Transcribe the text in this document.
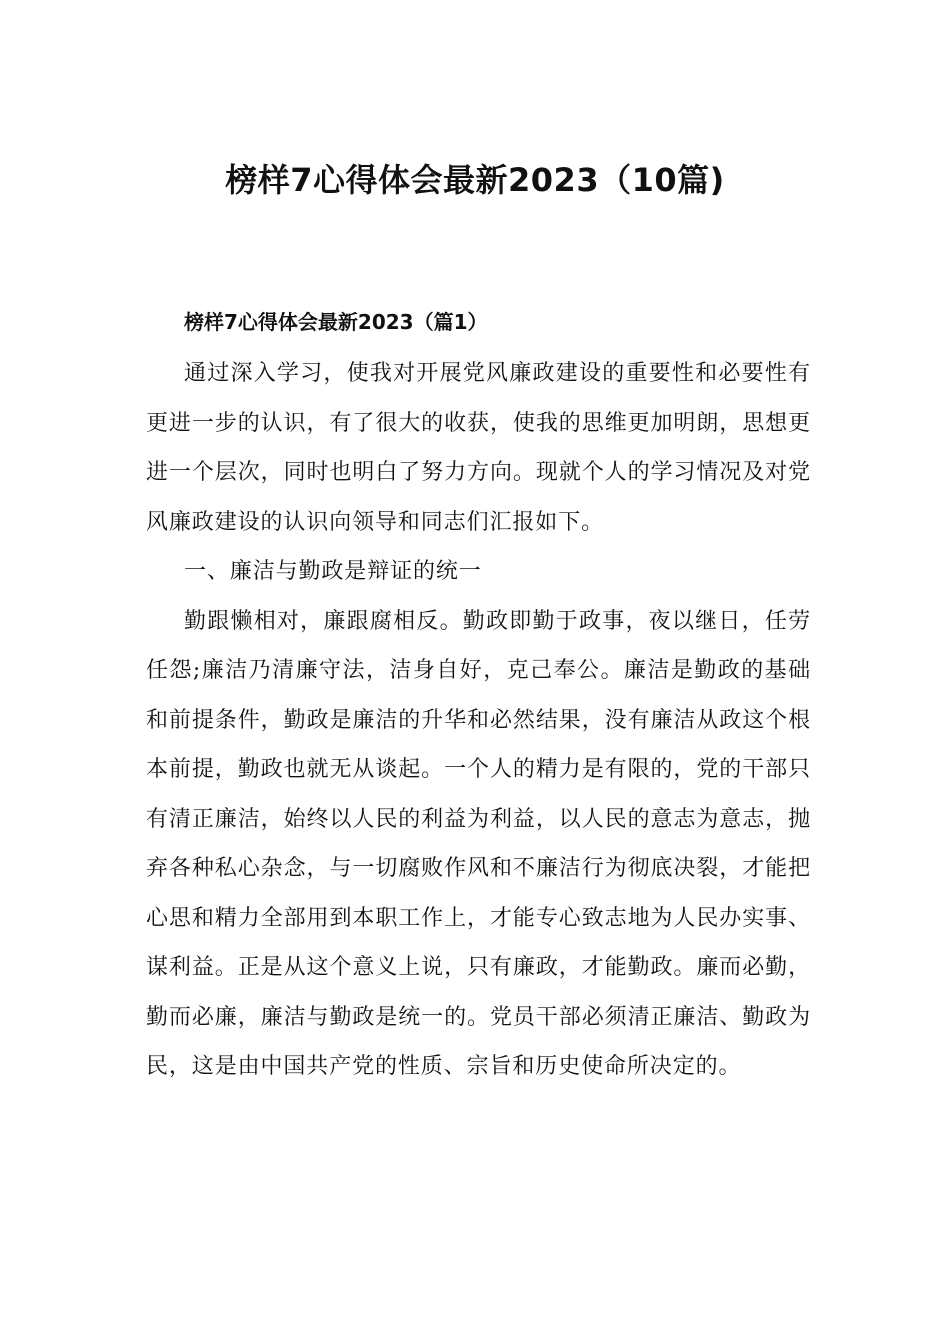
榜样7心得体会最新2023（10篇)
榜样7心得体会最新2023（篇1）

通过深入学习，使我对开展党风廉政建设的重要性和必要性有更进一步的认识，有了很大的收获，使我的思维更加明朗，思想更进一个层次，同时也明白了努力方向。现就个人的学习情况及对党风廉政建设的认识向领导和同志们汇报如下。

一、廉洁与勤政是辩证的统一

勤跟懒相对，廉跟腐相反。勤政即勤于政事，夜以继日，任劳任怨;廉洁乃清廉守法，洁身自好，克己奉公。廉洁是勤政的基础和前提条件，勤政是廉洁的升华和必然结果，没有廉洁从政这个根本前提，勤政也就无从谈起。一个人的精力是有限的，党的干部只有清正廉洁，始终以人民的利益为利益，以人民的意志为意志，抛弃各种私心杂念，与一切腐败作风和不廉洁行为彻底决裂，才能把心思和精力全部用到本职工作上，才能专心致志地为人民办实事、谋利益。正是从这个意义上说，只有廉政，才能勤政。廉而必勤，勤而必廉，廉洁与勤政是统一的。党员干部必须清正廉洁、勤政为民，这是由中国共产党的性质、宗旨和历史使命所决定的。
